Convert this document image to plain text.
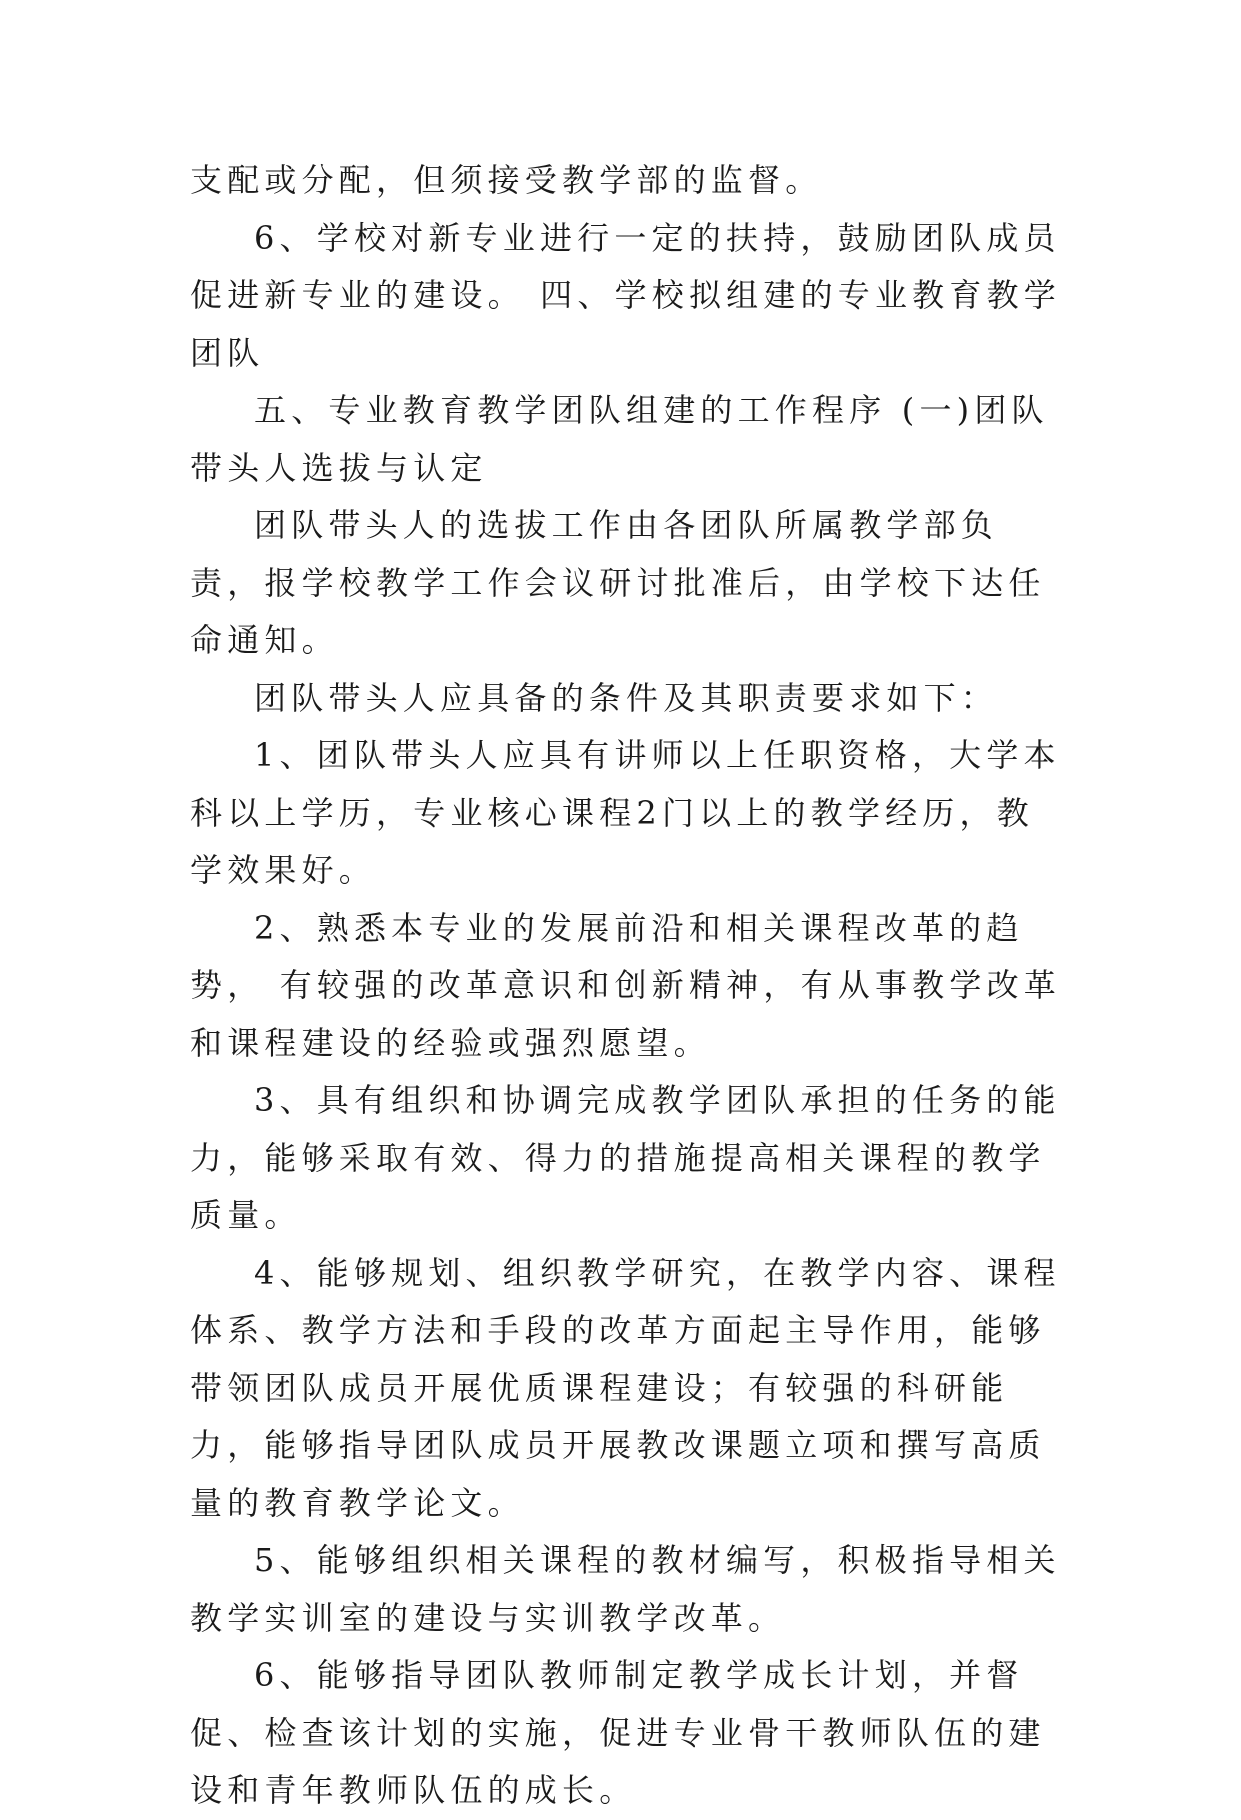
支配或分配，但须接受教学部的监督。

6、学校对新专业进行一定的扶持，鼓励团队成员促进新专业的建设。 四、学校拟组建的专业教育教学团队

五、专业教育教学团队组建的工作程序 (一)团队带头人选拔与认定

团队带头人的选拔工作由各团队所属教学部负责，报学校教学工作会议研讨批准后，由学校下达任命通知。

团队带头人应具备的条件及其职责要求如下：

1、团队带头人应具有讲师以上任职资格，大学本科以上学历，专业核心课程2门以上的教学经历，教学效果好。

2、熟悉本专业的发展前沿和相关课程改革的趋势， 有较强的改革意识和创新精神，有从事教学改革和课程建设的经验或强烈愿望。

3、具有组织和协调完成教学团队承担的任务的能力，能够采取有效、得力的措施提高相关课程的教学质量。

4、能够规划、组织教学研究，在教学内容、课程体系、教学方法和手段的改革方面起主导作用，能够带领团队成员开展优质课程建设；有较强的科研能力，能够指导团队成员开展教改课题立项和撰写高质量的教育教学论文。

5、能够组织相关课程的教材编写，积极指导相关教学实训室的建设与实训教学改革。

6、能够指导团队教师制定教学成长计划，并督促、检查该计划的实施，促进专业骨干教师队伍的建设和青年教师队伍的成长。
